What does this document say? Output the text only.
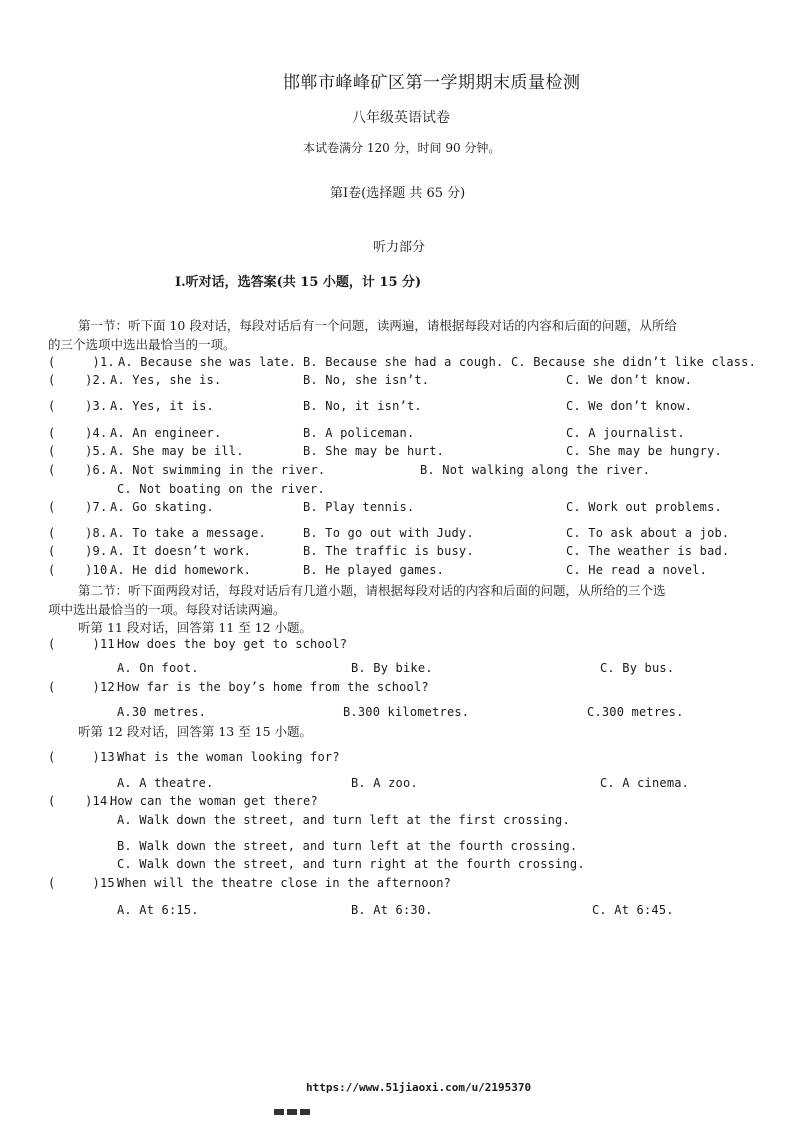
邯郸市峰峰矿区第一学期期末质量检测
八年级英语试卷
本试卷满分 120 分，时间 90 分钟。
第Ⅰ卷(选择题 共 65 分)
听力部分
Ⅰ.听对话，选答案(共 15 小题，计 15 分)
第一节：听下面 10 段对话，每段对话后有一个问题，读两遍，请根据每段对话的内容和后面的问题，从所给
的三个选项中选出最恰当的一项。
(     )1. A. Because she was late. B. Because she had a cough. C. Because she didn’t like class.
(    )2. A. Yes, she is.	B. No, she isn’t.	C. We don’t know.
(    )3. A. Yes, it is.	B. No, it isn’t.	C. We don’t know.
(    )4. A. An engineer.	B. A policeman.	C. A journalist.
(    )5. A. She may be ill.	B. She may be hurt.	C. She may be hungry.
(    )6. A. Not swimming in the river.	B. Not walking along the river.
C. Not boating on the river.
(    )7. A. Go skating.	B. Play tennis.	C. Work out problems.
(    )8. A. To take a message.	B. To go out with Judy.	C. To ask about a job.
(    )9. A. It doesn’t work.	B. The traffic is busy.	C. The weather is bad.
(    )10.
A. He did homework.	B. He played games.	C. He read a novel.
第二节：听下面两段对话，每段对话后有几道小题，请根据每段对话的内容和后面的问题，从所给的三个选
项中选出最恰当的一项。每段对话读两遍。
听第 11 段对话，回答第 11 至 12 小题。
(     )11.
How does the boy get to school?
A. On foot.	B. By bike.	C. By bus.
(     )12.
How far is the boy’s home from the school?
A.30 metres.	B.300 kilometres.	C.300 metres.
听第 12 段对话，回答第 13 至 15 小题。
(     )13.
What is the woman looking for?
A. A theatre.	B. A zoo.	C. A cinema.
(    )14.
How can the woman get there?
A. Walk down the street, and turn left at the first crossing.
B. Walk down the street, and turn left at the fourth crossing.
C. Walk down the street, and turn right at the fourth crossing.
(     )15.
When will the theatre close in the afternoon?
A. At 6:15.	B. At 6:30.	C. At 6:45.

https://www.51jiaoxi.com/u/2195370
